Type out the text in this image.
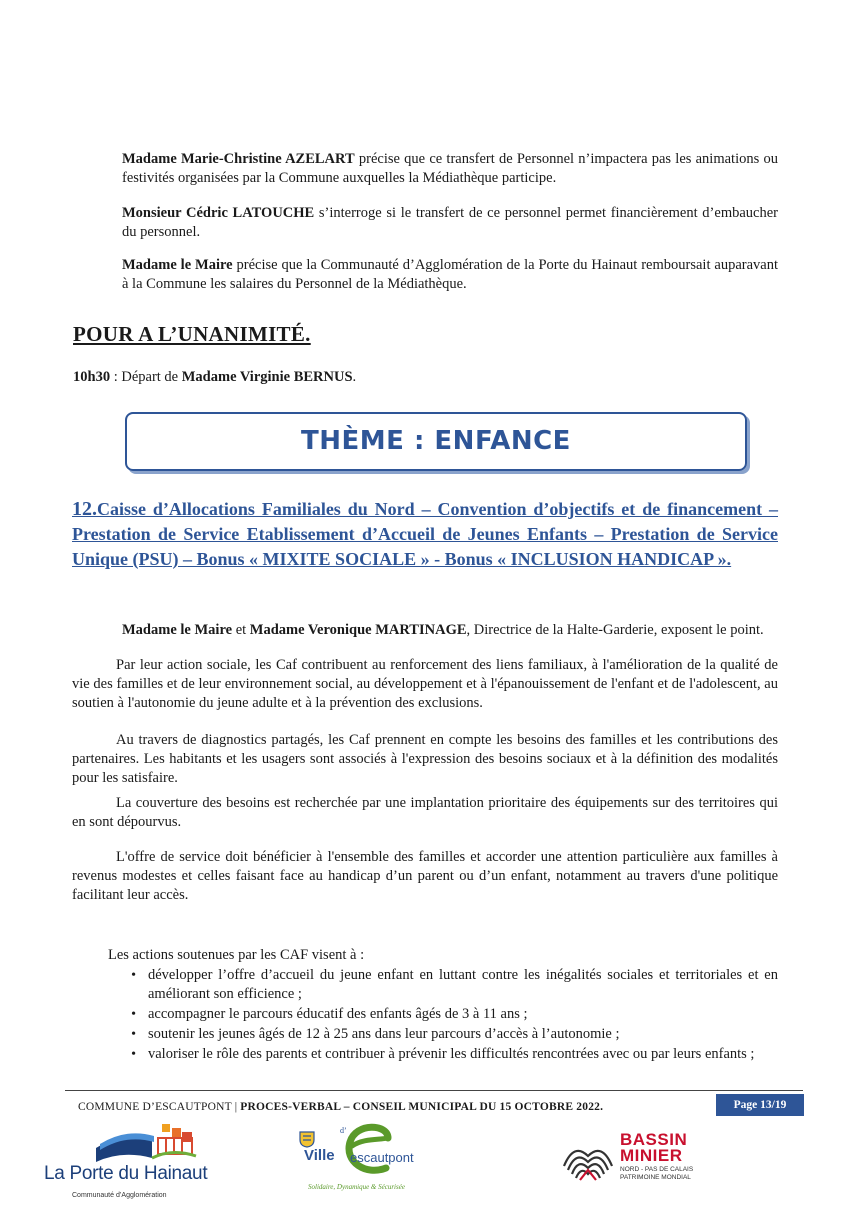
Madame Marie-Christine AZELART précise que ce transfert de Personnel n’impactera pas les animations ou festivités organisées par la Commune auxquelles la Médiathèque participe.

Monsieur Cédric LATOUCHE s’interroge si le transfert de ce personnel permet financièrement d’embaucher du personnel.

Madame le Maire précise que la Communauté d’Agglomération de la Porte du Hainaut remboursait auparavant à la Commune les salaires du Personnel de la Médiathèque.

POUR A L’UNANIMITÉ.
10h30 : Départ de Madame Virginie BERNUS.
THÈME : ENFANCE

12.Caisse d’Allocations Familiales du Nord – Convention d’objectifs et de financement – Prestation de Service Etablissement d’Accueil de Jeunes Enfants – Prestation de Service Unique (PSU) – Bonus « MIXITE SOCIALE » - Bonus « INCLUSION HANDICAP ».

Madame le Maire et Madame Veronique MARTINAGE, Directrice de la Halte-Garderie, exposent le point.

Par leur action sociale, les Caf contribuent au renforcement des liens familiaux, à l'amélioration de la qualité de vie des familles et de leur environnement social, au développement et à l'épanouissement de l'enfant et de l'adolescent, au soutien à l'autonomie du jeune adulte et à la prévention des exclusions.

Au travers de diagnostics partagés, les Caf prennent en compte les besoins des familles et les contributions des partenaires. Les habitants et les usagers sont associés à l'expression des besoins sociaux et à la définition des modalités pour les satisfaire.

La couverture des besoins est recherchée par une implantation prioritaire des équipements sur des territoires qui en sont dépourvus.

L'offre de service doit bénéficier à l'ensemble des familles et accorder une attention particulière aux familles à revenus modestes et celles faisant face au handicap d’un parent ou d’un enfant, notamment au travers d'une politique facilitant leur accès.

Les actions soutenues par les CAF visent à :
• développer l’offre d’accueil du jeune enfant en luttant contre les inégalités sociales et territoriales et en améliorant son efficience ;
• accompagner le parcours éducatif des enfants âgés de 3 à 11 ans ;
• soutenir les jeunes âgés de 12 à 25 ans dans leur parcours d’accès à l’autonomie ;
• valoriser le rôle des parents et contribuer à prévenir les difficultés rencontrées avec ou par leurs enfants ;
COMMUNE D’ESCAUTPONT | PROCES-VERBAL – CONSEIL MUNICIPAL DU 15 OCTOBRE 2022.	Page 13/19
La Porte du Hainaut
Communauté d’Agglomération
d’
Ville escautpont
Solidaire, Dynamique & Sécurisée
BASSIN
MINIER
NORD - PAS DE CALAIS
PATRIMOINE MONDIAL
